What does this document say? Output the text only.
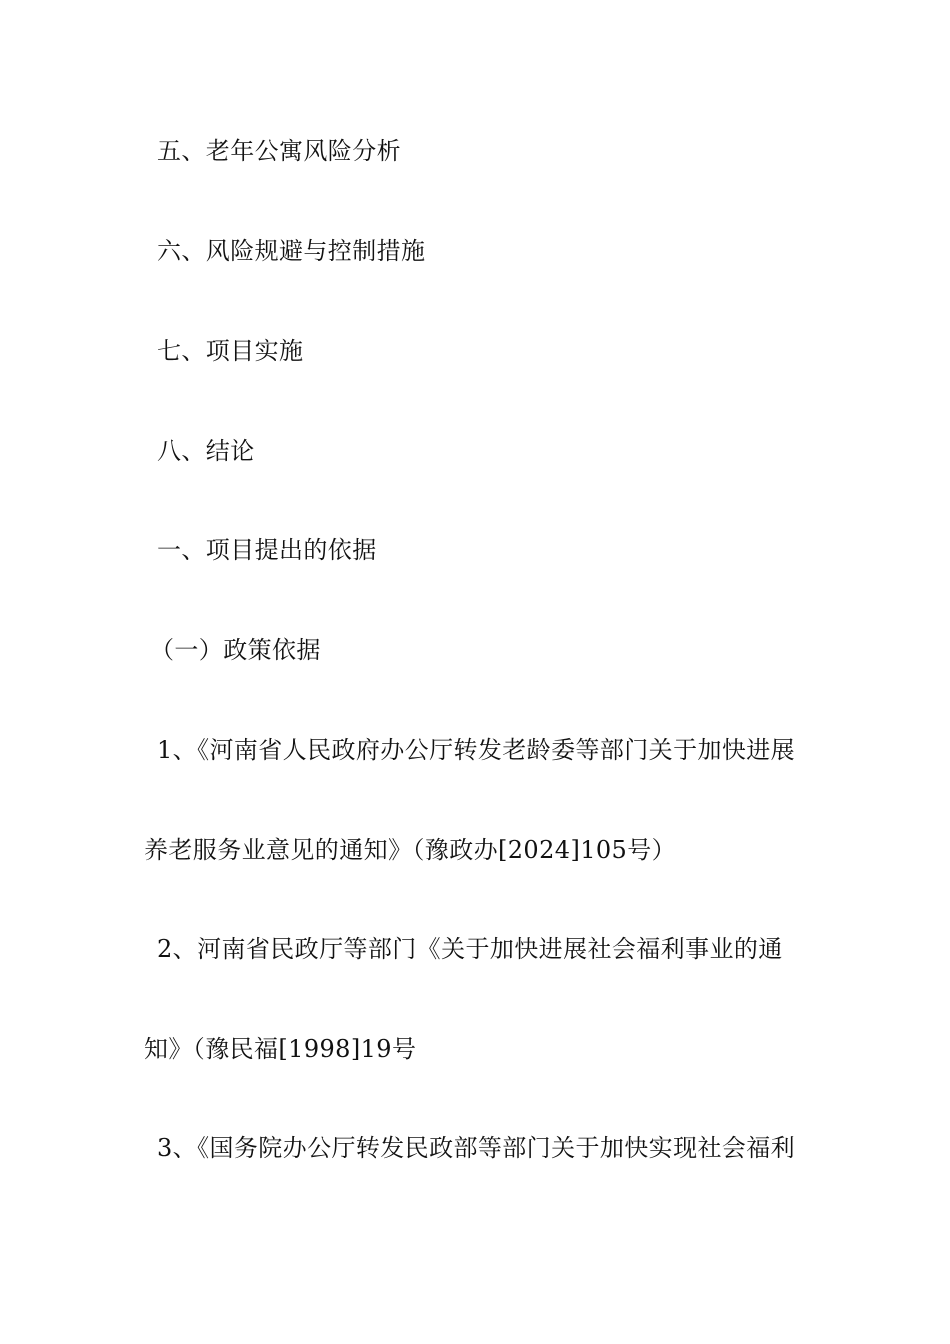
五、老年公寓风险分析
六、风险规避与控制措施
七、项目实施
八、结论
一、项目提出的依据
（一）政策依据
1、《河南省人民政府办公厅转发老龄委等部门关于加快进展
养老服务业意见的通知》（豫政办[2024]105号）
2、河南省民政厅等部门《关于加快进展社会福利事业的通
知》（豫民福[1998]19号
3、《国务院办公厅转发民政部等部门关于加快实现社会福利
